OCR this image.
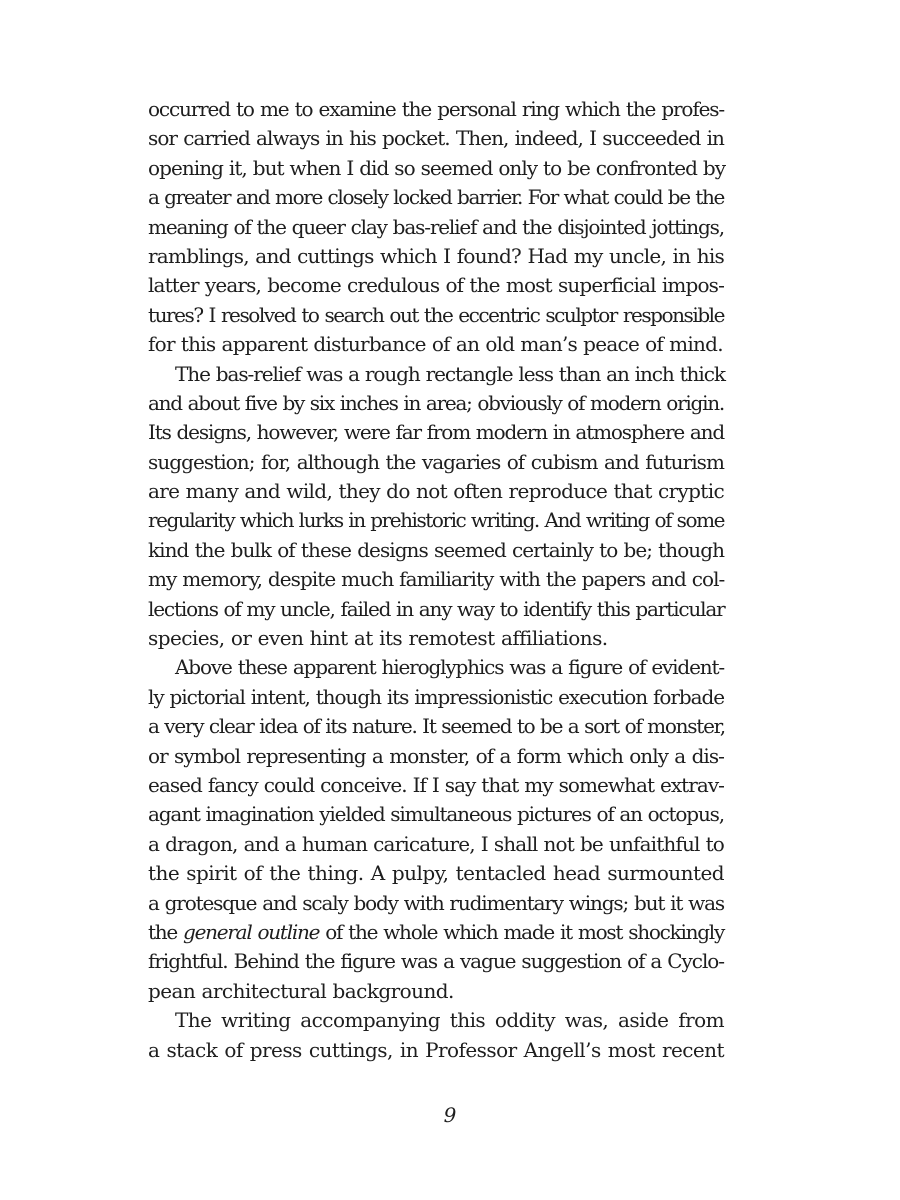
occurred to me to examine the personal ring which the profes-
sor carried always in his pocket. Then, indeed, I succeeded in
opening it, but when I did so seemed only to be confronted by
a greater and more closely locked barrier. For what could be the
meaning of the queer clay bas-relief and the disjointed jottings,
ramblings, and cuttings which I found? Had my uncle, in his
latter years, become credulous of the most superficial impos-
tures? I resolved to search out the eccentric sculptor responsible
for this apparent disturbance of an old man’s peace of mind.
The bas-relief was a rough rectangle less than an inch thick
and about five by six inches in area; obviously of modern origin.
Its designs, however, were far from modern in atmosphere and
suggestion; for, although the vagaries of cubism and futurism
are many and wild, they do not often reproduce that cryptic
regularity which lurks in prehistoric writing. And writing of some
kind the bulk of these designs seemed certainly to be; though
my memory, despite much familiarity with the papers and col-
lections of my uncle, failed in any way to identify this particular
species, or even hint at its remotest affiliations.
Above these apparent hieroglyphics was a figure of evident-
ly pictorial intent, though its impressionistic execution forbade
a very clear idea of its nature. It seemed to be a sort of monster,
or symbol representing a monster, of a form which only a dis-
eased fancy could conceive. If I say that my somewhat extrav-
agant imagination yielded simultaneous pictures of an octopus,
a dragon, and a human caricature, I shall not be unfaithful to
the spirit of the thing. A pulpy, tentacled head surmounted
a grotesque and scaly body with rudimentary wings; but it was
the general outline of the whole which made it most shockingly
frightful. Behind the figure was a vague suggestion of a Cyclo-
pean architectural background.
The writing accompanying this oddity was, aside from
a stack of press cuttings, in Professor Angell’s most recent
9
